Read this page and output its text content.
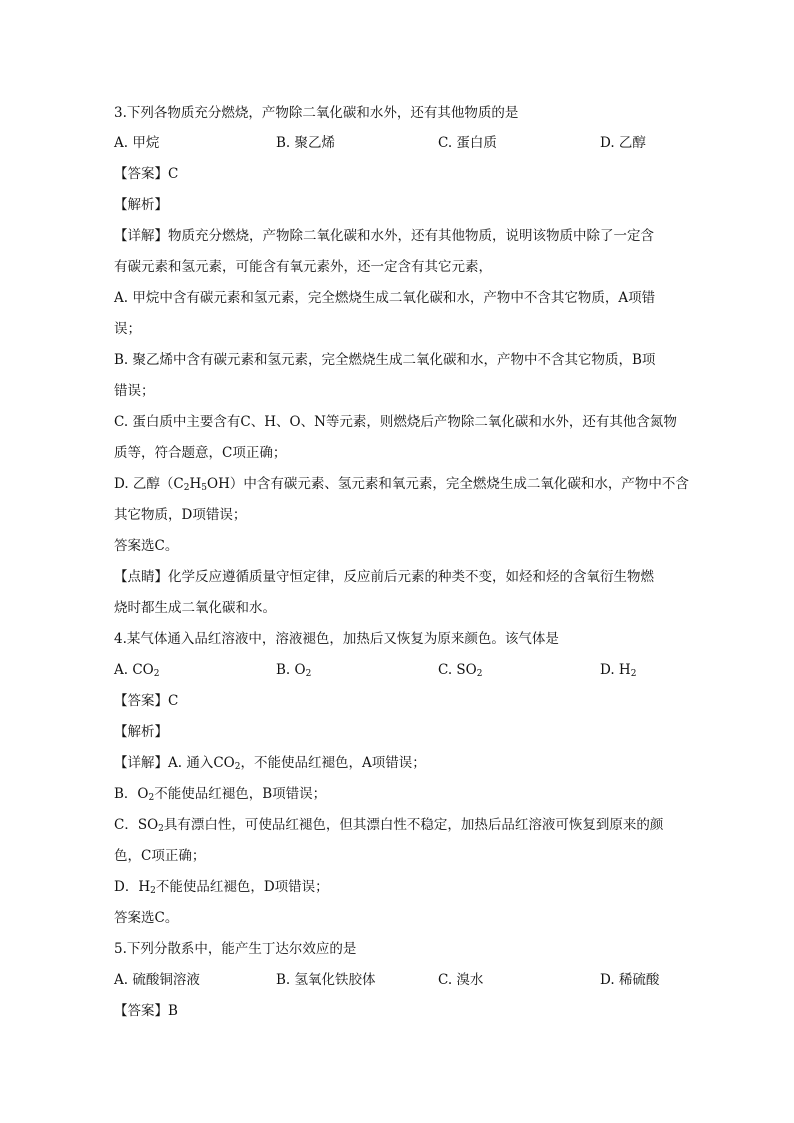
3.下列各物质充分燃烧，产物除二氧化碳和水外，还有其他物质的是
A. 甲烷	B. 聚乙烯	C. 蛋白质	D. 乙醇
【答案】C
【解析】
【详解】物质充分燃烧，产物除二氧化碳和水外，还有其他物质，说明该物质中除了一定含
有碳元素和氢元素，可能含有氧元素外，还一定含有其它元素，
A. 甲烷中含有碳元素和氢元素，完全燃烧生成二氧化碳和水，产物中不含其它物质，A项错
误；
B. 聚乙烯中含有碳元素和氢元素，完全燃烧生成二氧化碳和水，产物中不含其它物质，B项
错误；
C. 蛋白质中主要含有C、H、O、N等元素，则燃烧后产物除二氧化碳和水外，还有其他含氮物
质等，符合题意，C项正确；
D. 乙醇$(C_2H_5OH)$中含有碳元素、氢元素和氧元素，完全燃烧生成二氧化碳和水，产物中不含
其它物质，D项错误；
答案选C。
【点睛】化学反应遵循质量守恒定律，反应前后元素的种类不变，如烃和烃的含氧衍生物燃
烧时都生成二氧化碳和水。
4.某气体通入品红溶液中，溶液褪色，加热后又恢复为原来颜色。该气体是
A. $CO_2$	B. $O_2$	C. $SO_2$	D. $H_2$
【答案】C
【解析】
【详解】A. 通入$CO_2$，不能使品红褪色，A项错误；
B．$O_2$不能使品红褪色，B项错误；
C．$SO_2$具有漂白性，可使品红褪色，但其漂白性不稳定，加热后品红溶液可恢复到原来的颜
色，C项正确；
D．$H_2$不能使品红褪色，D项错误；
答案选C。
5.下列分散系中，能产生丁达尔效应的是
A. 硫酸铜溶液	B. 氢氧化铁胶体	C. 溴水	D. 稀硫酸
【答案】B
